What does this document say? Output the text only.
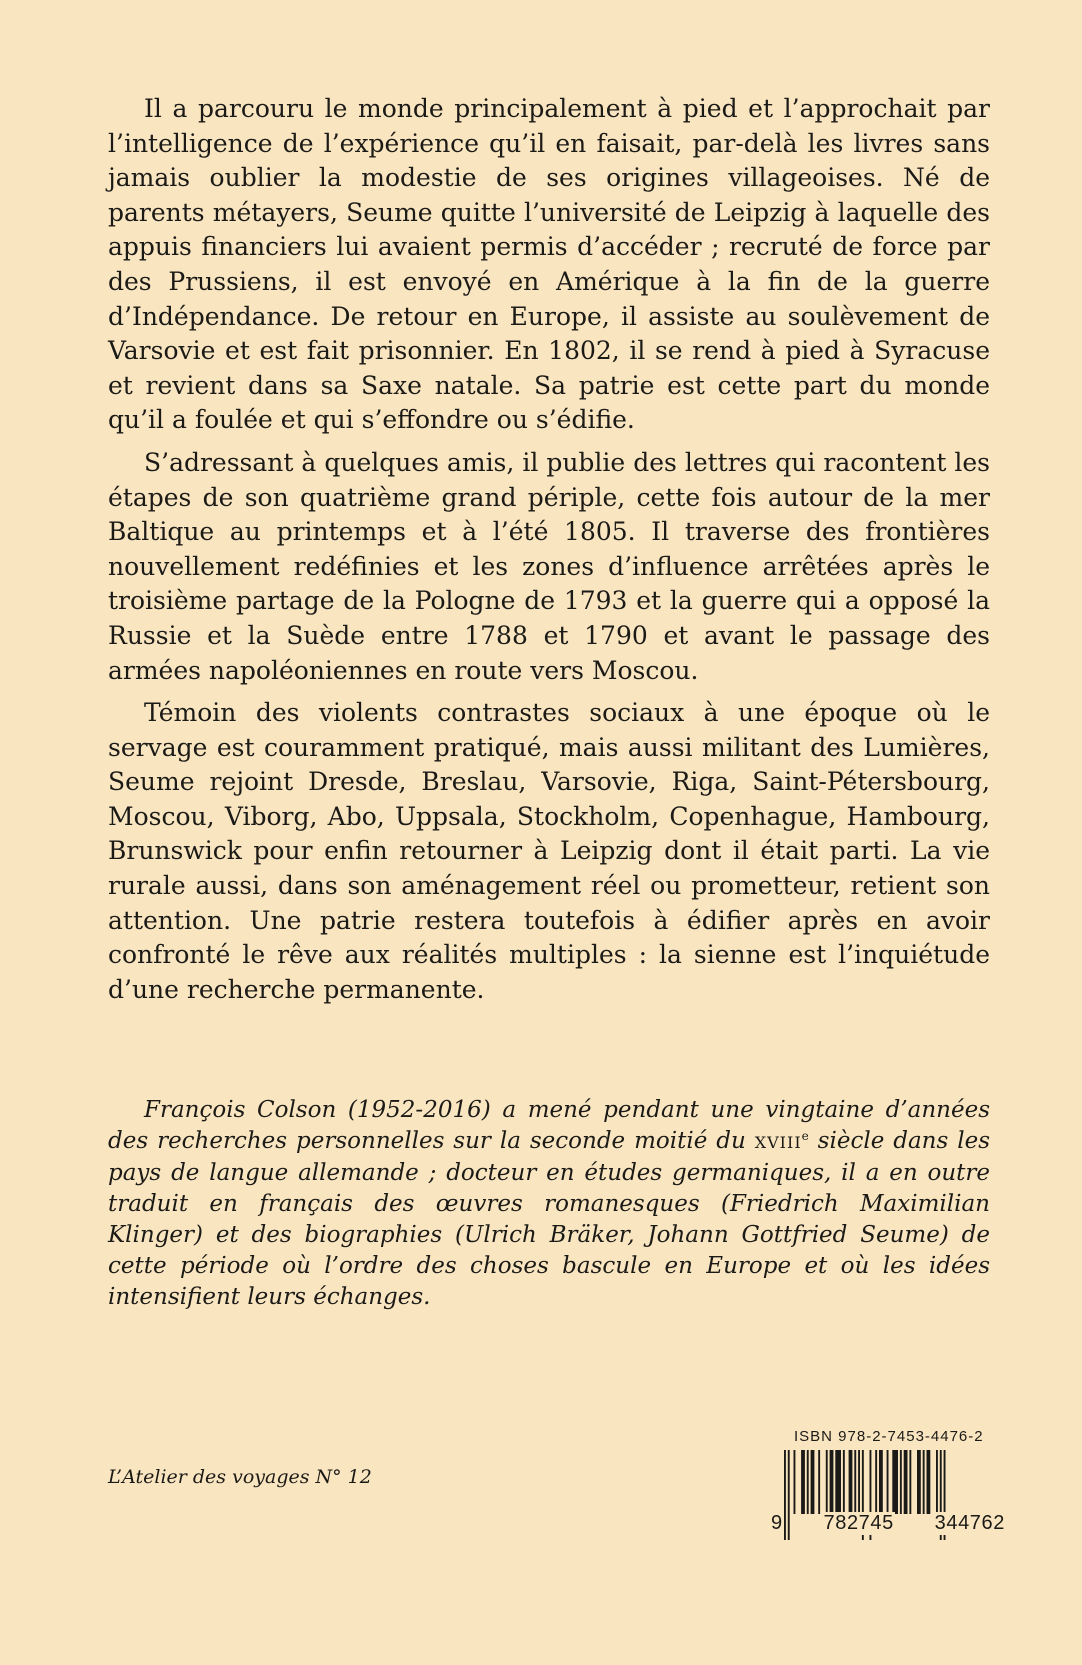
Il a parcouru le monde principalement à pied et l’approchait par l’intelligence de l’expérience qu’il en faisait, par-delà les livres sans jamais oublier la modestie de ses origines villageoises. Né de parents métayers, Seume quitte l’université de Leipzig à laquelle des appuis financiers lui avaient permis d’accéder ; recruté de force par des Prussiens, il est envoyé en Amérique à la fin de la guerre d’Indépendance. De retour en Europe, il assiste au soulèvement de Varsovie et est fait prisonnier. En 1802, il se rend à pied à Syracuse et revient dans sa Saxe natale. Sa patrie est cette part du monde qu’il a foulée et qui s’effondre ou s’édifie.

S’adressant à quelques amis, il publie des lettres qui racontent les étapes de son quatrième grand périple, cette fois autour de la mer Baltique au printemps et à l’été 1805. Il traverse des frontières nouvellement redéfinies et les zones d’influence arrêtées après le troisième partage de la Pologne de 1793 et la guerre qui a opposé la Russie et la Suède entre 1788 et 1790 et avant le passage des armées napoléoniennes en route vers Moscou.

Témoin des violents contrastes sociaux à une époque où le servage est couramment pratiqué, mais aussi militant des Lumières, Seume rejoint Dresde, Breslau, Varsovie, Riga, Saint-Pétersbourg, Moscou, Viborg, Abo, Uppsala, Stockholm, Copenhague, Hambourg, Brunswick pour enfin retourner à Leipzig dont il était parti. La vie rurale aussi, dans son aménagement réel ou prometteur, retient son attention. Une patrie restera toutefois à édifier après en avoir confronté le rêve aux réalités multiples : la sienne est l’inquiétude d’une recherche permanente.

François Colson (1952-2016) a mené pendant une vingtaine d’années des recherches personnelles sur la seconde moitié du XVIIIe siècle dans les pays de langue allemande ; docteur en études germaniques, il a en outre traduit en français des œuvres romanesques (Friedrich Maximilian Klinger) et des biographies (Ulrich Bräker, Johann Gottfried Seume) de cette période où l’ordre des choses bascule en Europe et où les idées intensifient leurs échanges.

L’Atelier des voyages N° 12
ISBN 978-2-7453-4476-2
9 782745 344762
